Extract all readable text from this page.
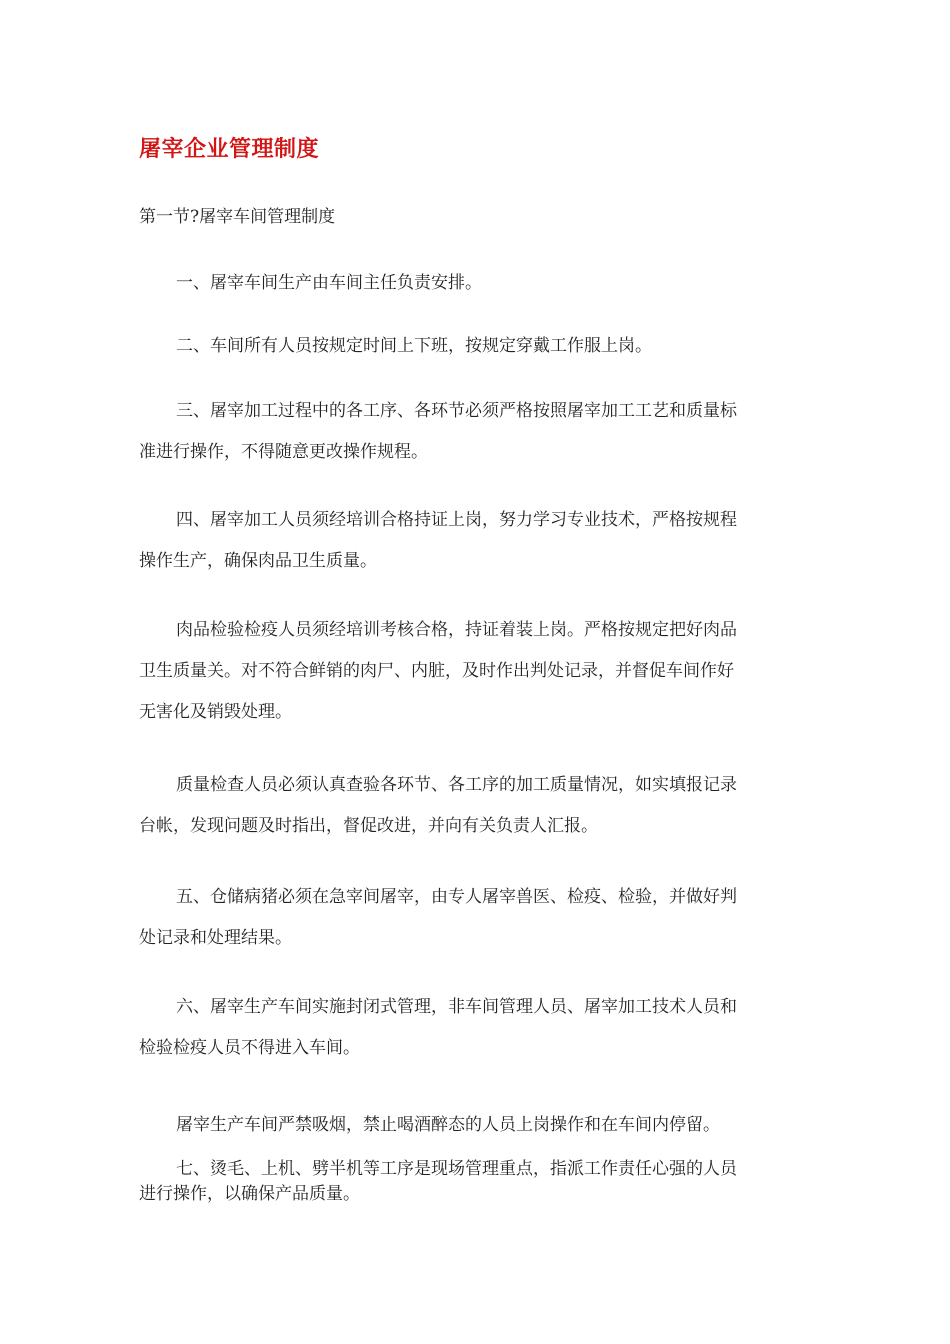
屠宰企业管理制度

第一节?屠宰车间管理制度

一、屠宰车间生产由车间主任负责安排。

二、车间所有人员按规定时间上下班，按规定穿戴工作服上岗。

三、屠宰加工过程中的各工序、各环节必须严格按照屠宰加工工艺和质量标
准进行操作，不得随意更改操作规程。

四、屠宰加工人员须经培训合格持证上岗，努力学习专业技术，严格按规程
操作生产，确保肉品卫生质量。

肉品检验检疫人员须经培训考核合格，持证着装上岗。严格按规定把好肉品
卫生质量关。对不符合鲜销的肉尸、内脏，及时作出判处记录，并督促车间作好
无害化及销毁处理。

质量检查人员必须认真查验各环节、各工序的加工质量情况，如实填报记录
台帐，发现问题及时指出，督促改进，并向有关负责人汇报。

五、仓储病猪必须在急宰间屠宰，由专人屠宰兽医、检疫、检验，并做好判
处记录和处理结果。

六、屠宰生产车间实施封闭式管理，非车间管理人员、屠宰加工技术人员和
检验检疫人员不得进入车间。

屠宰生产车间严禁吸烟，禁止喝酒醉态的人员上岗操作和在车间内停留。

七、烫毛、上机、劈半机等工序是现场管理重点，指派工作责任心强的人员
进行操作，以确保产品质量。
